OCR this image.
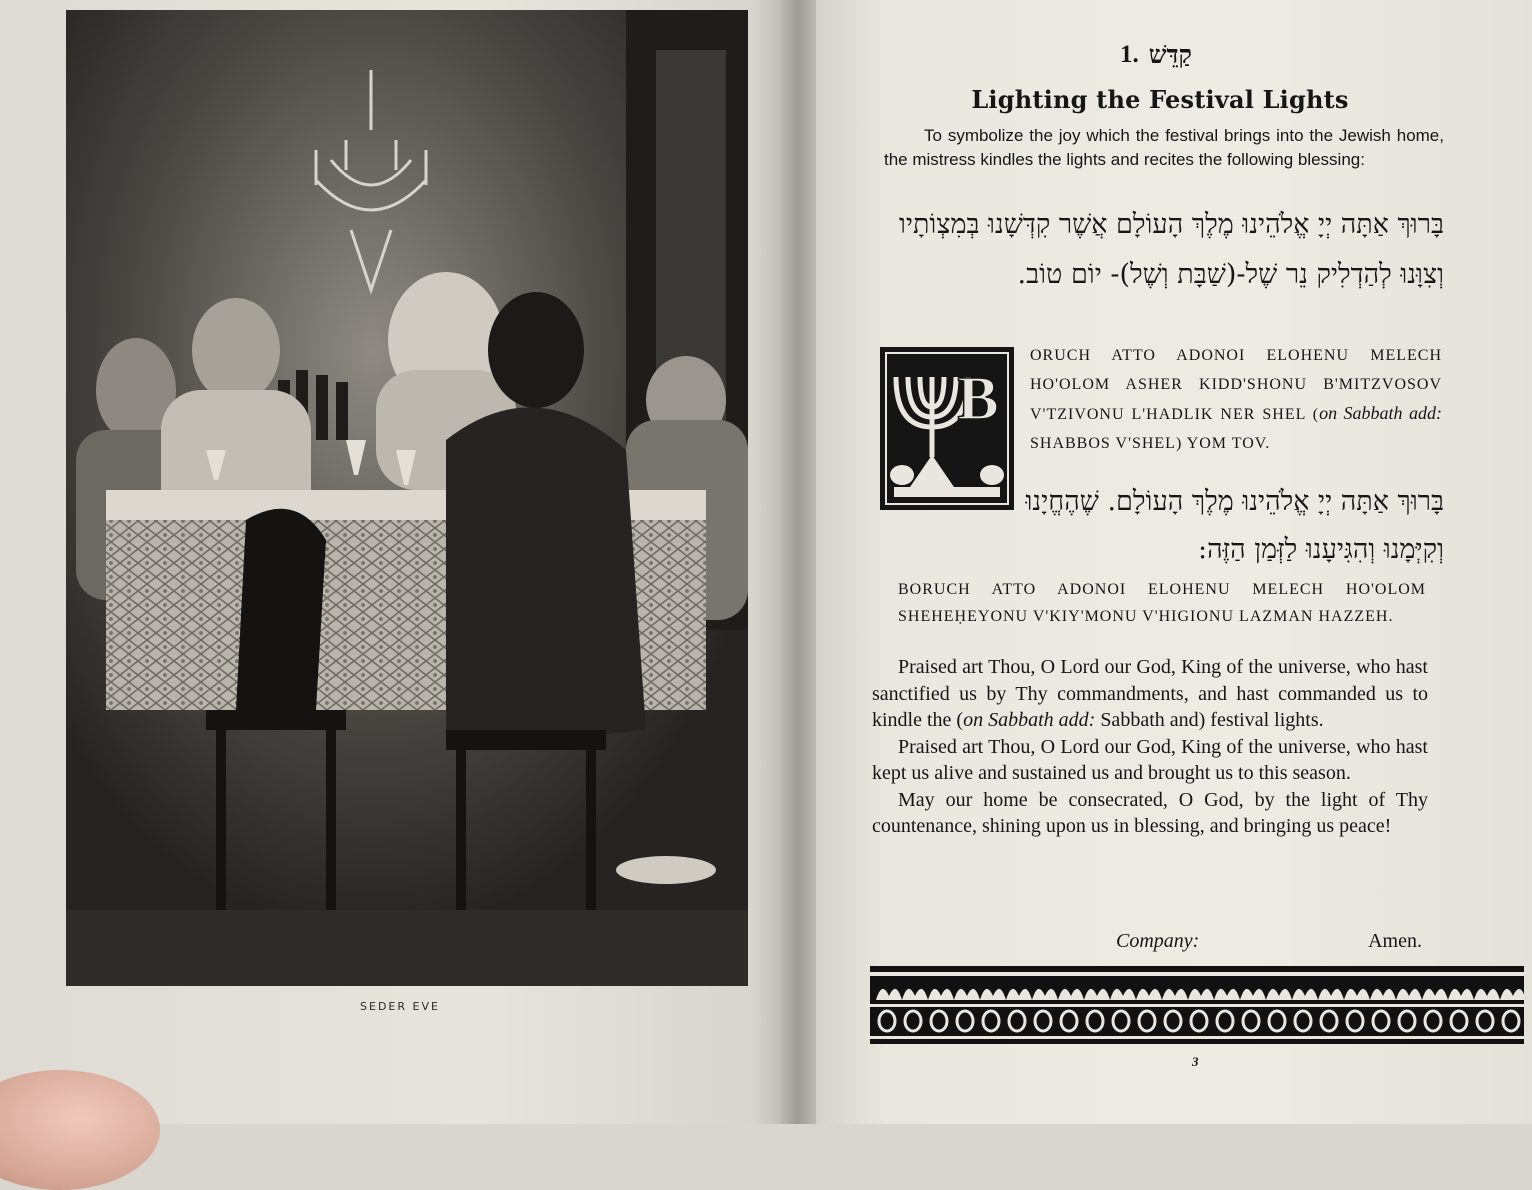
SEDER EVE
1. קַדֵּשׁ
Lighting the Festival Lights
To symbolize the joy which the festival brings into the Jewish home, the mistress kindles the lights and recites the following blessing:
בָּרוּךְ אַתָּה יְיָ אֱלֹהֵינוּ מֶלֶךְ הָעוֹלָם אֲשֶׁר קִדְּשָׁנוּ בְּמִצְוֹתָיו וְצִוָּנוּ לְהַדְלִיק נֵר שֶׁל-(שַׁבָּת וְשֶׁל)- יוֹם טוֹב.
B
ORUCH ATTO ADONOI ELOHENU MELECH HO'OLOM ASHER KIDD'SHONU B'MITZVOSOV V'TZIVONU L'HADLIK NER SHEL (on Sabbath add: SHABBOS V'SHEL) YOM TOV.
בָּרוּךְ אַתָּה יְיָ אֱלֹהֵינוּ מֶלֶךְ הָעוֹלָם. שֶׁהֶחֱיָנוּ וְקִיְּמָנוּ וְהִגִּיעָנוּ לַזְּמַן הַזֶּה:
BORUCH ATTO ADONOI ELOHENU MELECH HO'OLOM SHEHEḤEYONU V'KIY'MONU V'HIGIONU LAZMAN HAZZEH.

Praised art Thou, O Lord our God, King of the universe, who hast sanctified us by Thy commandments, and hast commanded us to kindle the (on Sabbath add: Sabbath and) festival lights.

Praised art Thou, O Lord our God, King of the universe, who hast kept us alive and sustained us and brought us to this season.

May our home be consecrated, O God, by the light of Thy countenance, shining upon us in blessing, and bringing us peace!

Company:	Amen.
3
